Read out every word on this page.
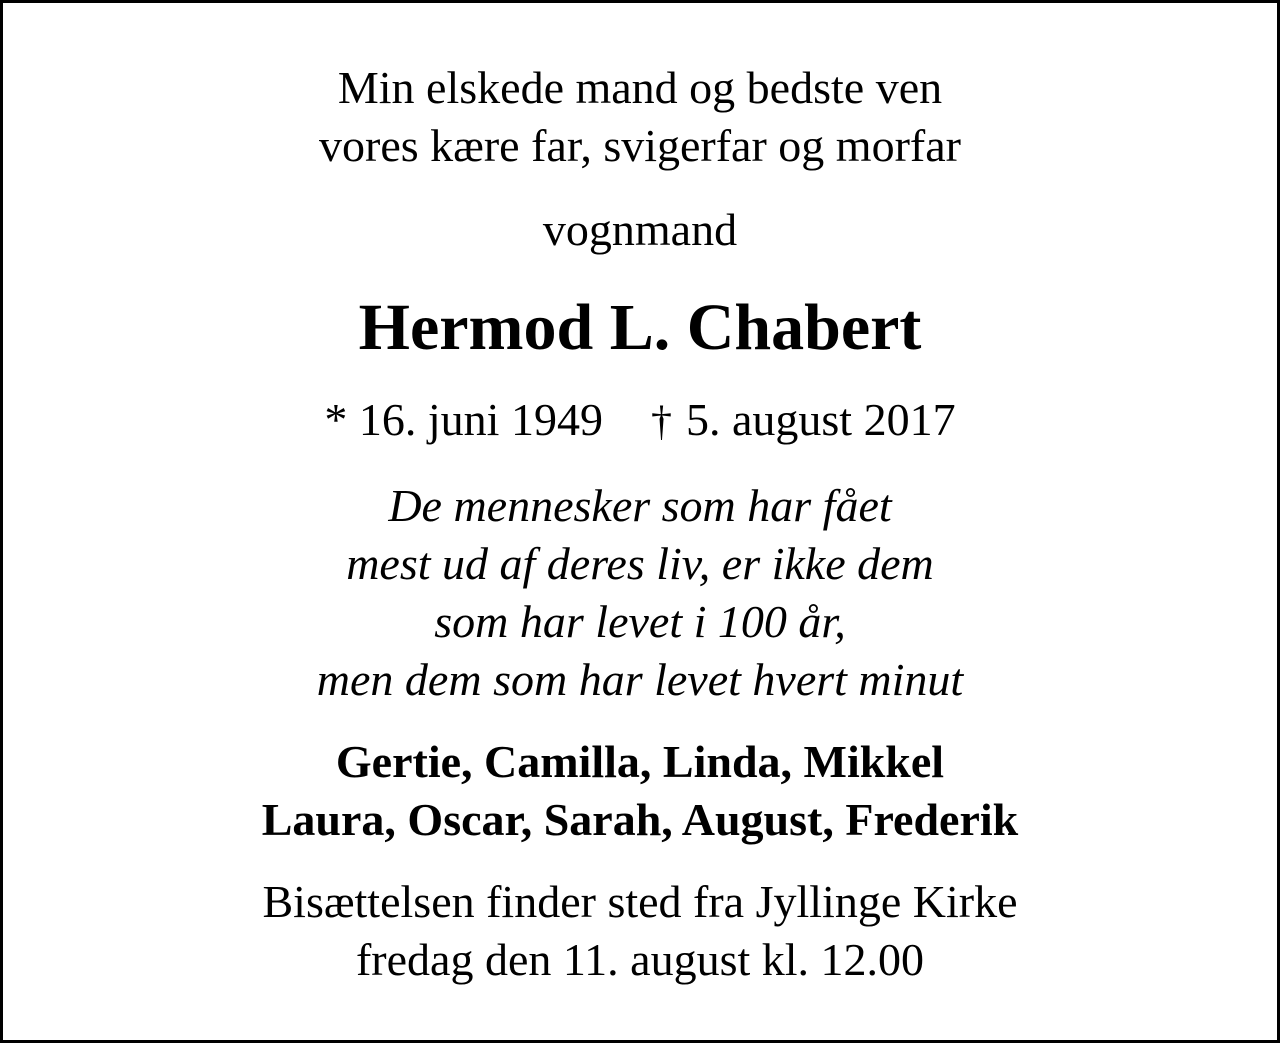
Min elskede mand og bedste ven
vores kære far, svigerfar og morfar
vognmand
Hermod L. Chabert
* 16. juni 1949 † 5. august 2017
De mennesker som har fået
mest ud af deres liv, er ikke dem
som har levet i 100 år,
men dem som har levet hvert minut
Gertie, Camilla, Linda, Mikkel
Laura, Oscar, Sarah, August, Frederik
Bisættelsen finder sted fra Jyllinge Kirke
fredag den 11. august kl. 12.00
